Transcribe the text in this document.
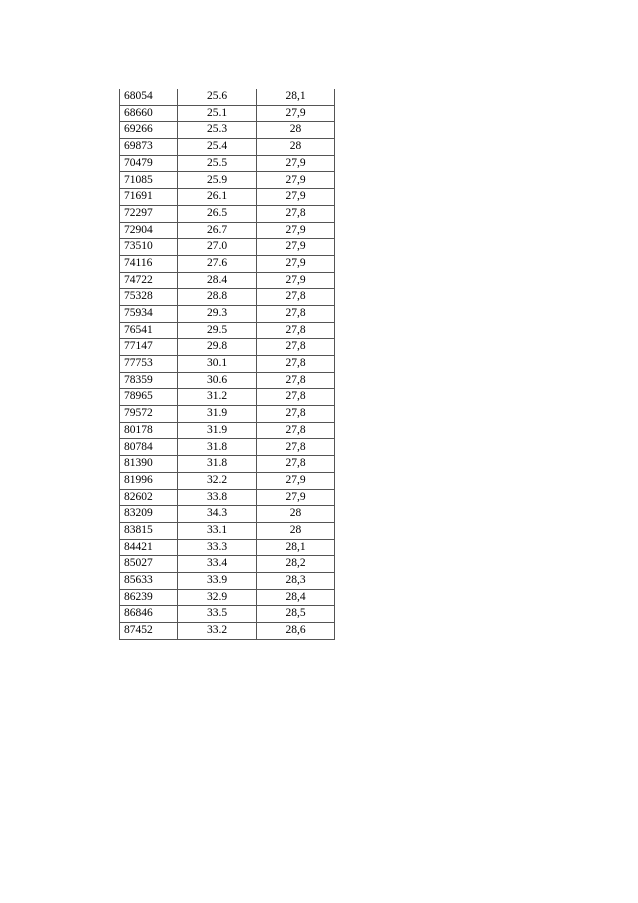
68054	25.6	28,1
68660	25.1	27,9
69266	25.3	28
69873	25.4	28
70479	25.5	27,9
71085	25.9	27,9
71691	26.1	27,9
72297	26.5	27,8
72904	26.7	27,9
73510	27.0	27,9
74116	27.6	27,9
74722	28.4	27,9
75328	28.8	27,8
75934	29.3	27,8
76541	29.5	27,8
77147	29.8	27,8
77753	30.1	27,8
78359	30.6	27,8
78965	31.2	27,8
79572	31.9	27,8
80178	31.9	27,8
80784	31.8	27,8
81390	31.8	27,8
81996	32.2	27,9
82602	33.8	27,9
83209	34.3	28
83815	33.1	28
84421	33.3	28,1
85027	33.4	28,2
85633	33.9	28,3
86239	32.9	28,4
86846	33.5	28,5
87452	33.2	28,6
